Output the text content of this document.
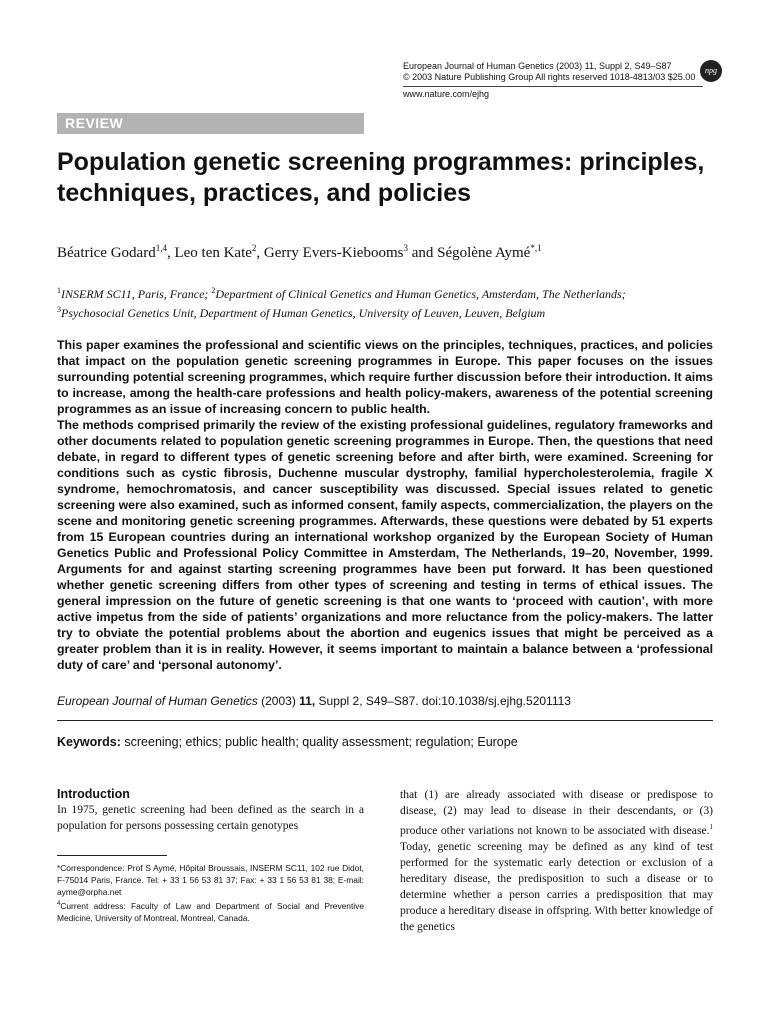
European Journal of Human Genetics (2003) 11, Suppl 2, S49–S87
© 2003 Nature Publishing Group All rights reserved 1018-4813/03 $25.00
www.nature.com/ejhg
npg
REVIEW
Population genetic screening programmes: principles, techniques, practices, and policies
Béatrice Godard$^{1,4}$, Leo ten Kate$^2$, Gerry Evers-Kiebooms$^3$ and Ségolène Aymé$^{*,1}$
$^1$INSERM SC11, Paris, France; $^2$Department of Clinical Genetics and Human Genetics, Amsterdam, The Netherlands;
$^3$Psychosocial Genetics Unit, Department of Human Genetics, University of Leuven, Leuven, Belgium

This paper examines the professional and scientific views on the principles, techniques, practices, and policies that impact on the population genetic screening programmes in Europe. This paper focuses on the issues surrounding potential screening programmes, which require further discussion before their introduction. It aims to increase, among the health-care professions and health policy-makers, awareness of the potential screening programmes as an issue of increasing concern to public health.

The methods comprised primarily the review of the existing professional guidelines, regulatory frameworks and other documents related to population genetic screening programmes in Europe. Then, the questions that need debate, in regard to different types of genetic screening before and after birth, were examined. Screening for conditions such as cystic fibrosis, Duchenne muscular dystrophy, familial hypercholesterolemia, fragile X syndrome, hemochromatosis, and cancer susceptibility was discussed. Special issues related to genetic screening were also examined, such as informed consent, family aspects, commercialization, the players on the scene and monitoring genetic screening programmes. Afterwards, these questions were debated by 51 experts from 15 European countries during an international workshop organized by the European Society of Human Genetics Public and Professional Policy Committee in Amsterdam, The Netherlands, 19–20, November, 1999. Arguments for and against starting screening programmes have been put forward. It has been questioned whether genetic screening differs from other types of screening and testing in terms of ethical issues. The general impression on the future of genetic screening is that one wants to ‘proceed with caution’, with more active impetus from the side of patients’ organizations and more reluctance from the policy-makers. The latter try to obviate the potential problems about the abortion and eugenics issues that might be perceived as a greater problem than it is in reality. However, it seems important to maintain a balance between a ‘professional duty of care’ and ‘personal autonomy’.

European Journal of Human Genetics (2003) 11, Suppl 2, S49–S87. doi:10.1038/sj.ejhg.5201113
Keywords: screening; ethics; public health; quality assessment; regulation; Europe
Introduction

In 1975, genetic screening had been defined as the search in a population for persons possessing certain genotypes

*Correspondence: Prof S Aymé, Hôpital Broussais, INSERM SC11, 102 rue Didot, F-75014 Paris, France. Tel: + 33 1 56 53 81 37; Fax: + 33 1 56 53 81 38; E-mail: ayme@orpha.net

$^4$Current address: Faculty of Law and Department of Social and Preventive Medicine, University of Montreal, Montreal, Canada.

that (1) are already associated with disease or predispose to disease, (2) may lead to disease in their descendants, or (3) produce other variations not known to be associated with disease.$^1$ Today, genetic screening may be defined as any kind of test performed for the systematic early detection or exclusion of a hereditary disease, the predisposition to such a disease or to determine whether a person carries a predisposition that may produce a hereditary disease in offspring. With better knowledge of the genetics
